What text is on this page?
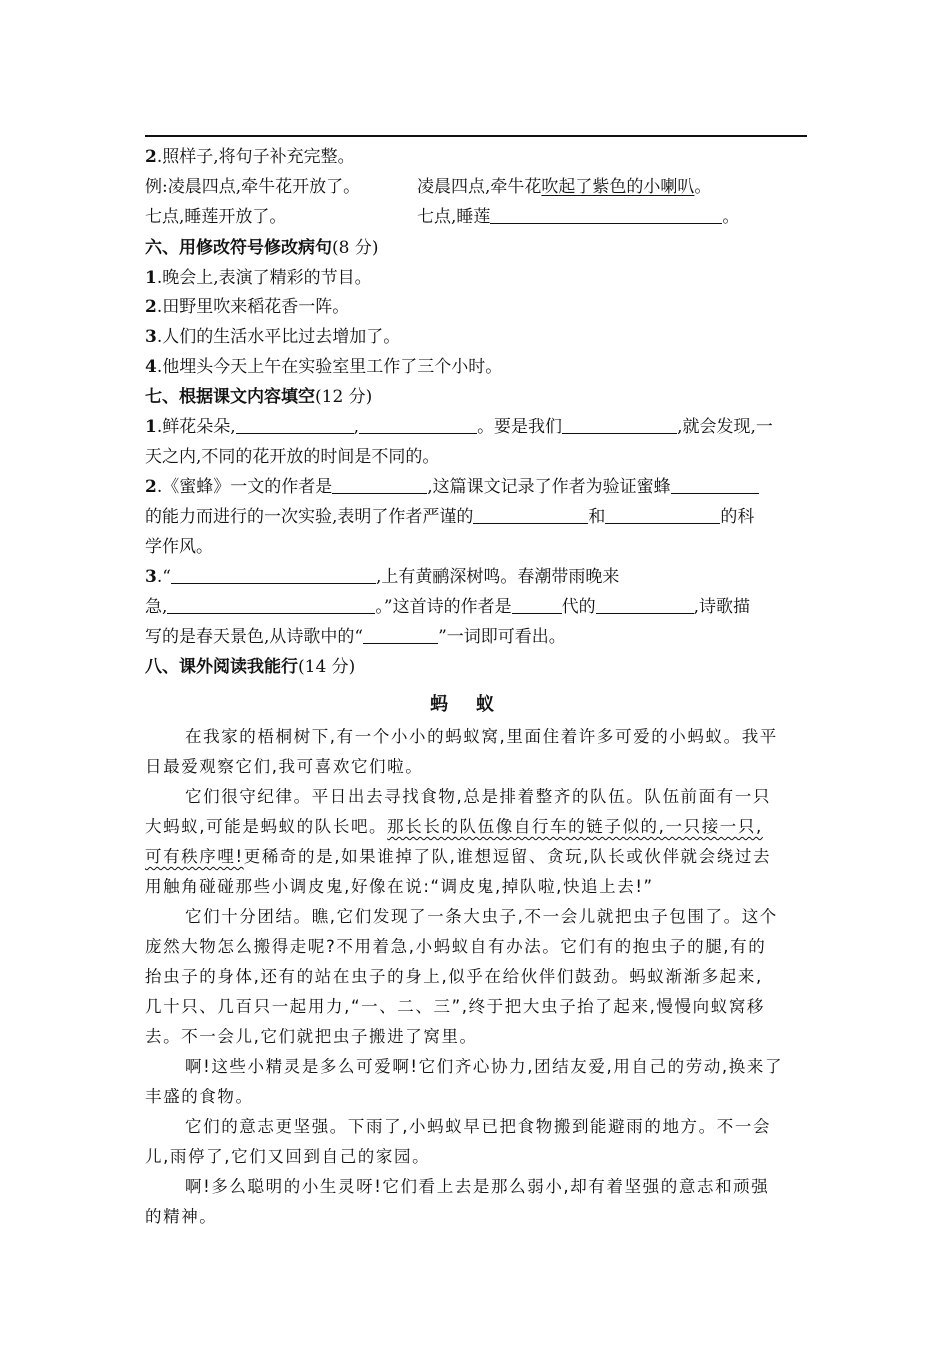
2.照样子,将句子补充完整。
例:凌晨四点,牵牛花开放了。	凌晨四点,牵牛花吹起了紫色的小喇叭。
七点,睡莲开放了。	七点,睡莲	。
六、用修改符号修改病句(8 分)
1.晚会上,表演了精彩的节目。
2.田野里吹来稻花香一阵。
3.人们的生活水平比过去增加了。
4.他埋头今天上午在实验室里工作了三个小时。
七、根据课文内容填空(12 分)
1.鲜花朵朵,	,	。要是我们	,就会发现,一
天之内,不同的花开放的时间是不同的。
2.《蜜蜂》一文的作者是	,这篇课文记录了作者为验证蜜蜂
的能力而进行的一次实验,表明了作者严谨的	和	的科
学作风。
3.“	,上有黄鹂深树鸣。春潮带雨晚来
急,	。”这首诗的作者是	代的	,诗歌描
写的是春天景色,从诗歌中的“	”一词即可看出。
八、课外阅读我能行(14 分)
蚂蚁
在我家的梧桐树下,有一个小小的蚂蚁窝,里面住着许多可爱的小蚂蚁。我平
日最爱观察它们,我可喜欢它们啦。
它们很守纪律。平日出去寻找食物,总是排着整齐的队伍。队伍前面有一只
大蚂蚁,可能是蚂蚁的队长吧。那长长的队伍像自行车的链子似的,一只接一只,
可有秩序哩!更稀奇的是,如果谁掉了队,谁想逗留、贪玩,队长或伙伴就会绕过去
用触角碰碰那些小调皮鬼,好像在说:“调皮鬼,掉队啦,快追上去!”
它们十分团结。瞧,它们发现了一条大虫子,不一会儿就把虫子包围了。这个
庞然大物怎么搬得走呢?不用着急,小蚂蚁自有办法。它们有的抱虫子的腿,有的
抬虫子的身体,还有的站在虫子的身上,似乎在给伙伴们鼓劲。蚂蚁渐渐多起来,
几十只、几百只一起用力,“一、二、三”,终于把大虫子抬了起来,慢慢向蚁窝移
去。不一会儿,它们就把虫子搬进了窝里。
啊!这些小精灵是多么可爱啊!它们齐心协力,团结友爱,用自己的劳动,换来了
丰盛的食物。
它们的意志更坚强。下雨了,小蚂蚁早已把食物搬到能避雨的地方。不一会
儿,雨停了,它们又回到自己的家园。
啊!多么聪明的小生灵呀!它们看上去是那么弱小,却有着坚强的意志和顽强
的精神。
